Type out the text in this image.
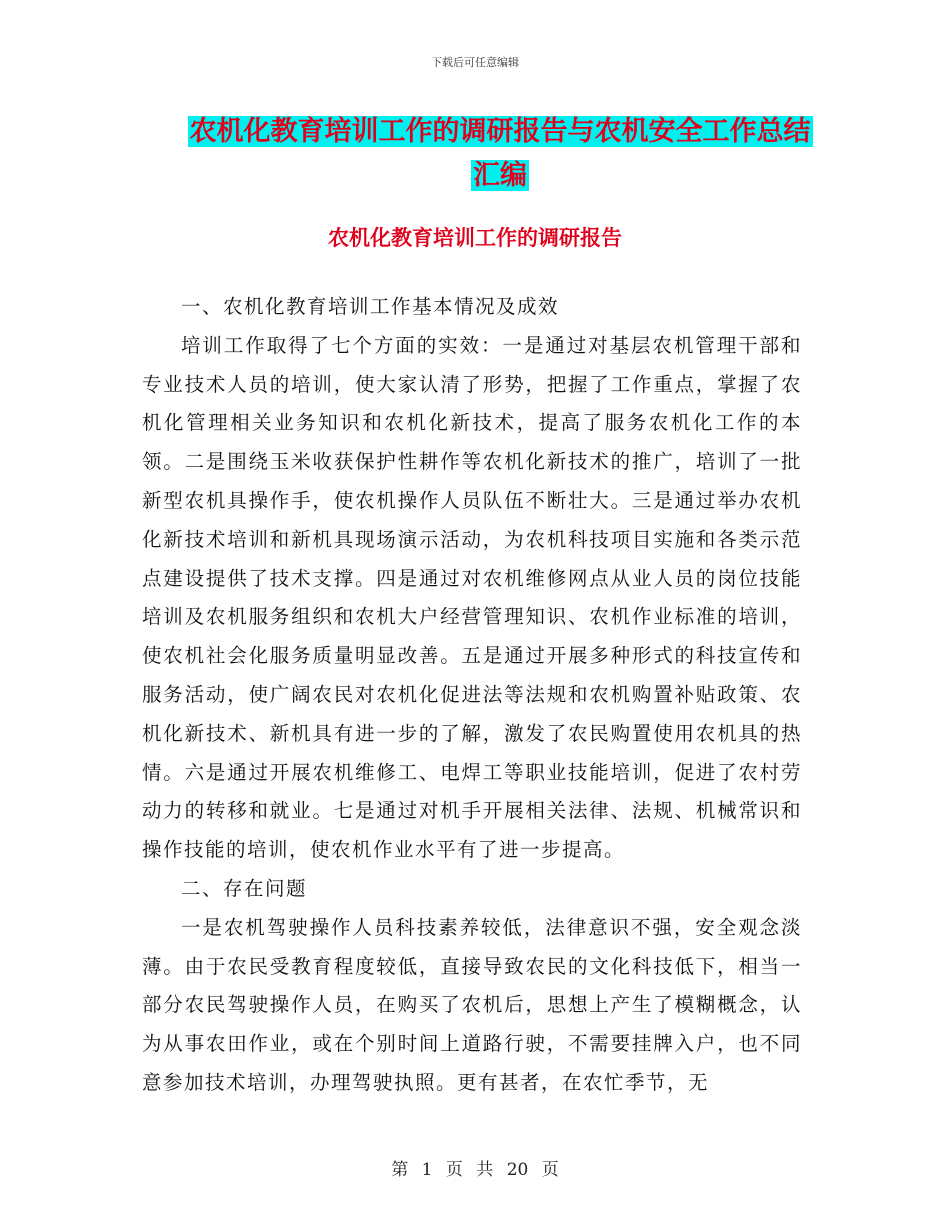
下载后可任意编辑
农机化教育培训工作的调研报告与农机安全工作总结
汇编
农机化教育培训工作的调研报告

一、农机化教育培训工作基本情况及成效

培训工作取得了七个方面的实效：一是通过对基层农机管理干部和专业技术人员的培训，使大家认清了形势，把握了工作重点，掌握了农机化管理相关业务知识和农机化新技术，提高了服务农机化工作的本领。二是围绕玉米收获保护性耕作等农机化新技术的推广，培训了一批新型农机具操作手，使农机操作人员队伍不断壮大。三是通过举办农机化新技术培训和新机具现场演示活动，为农机科技项目实施和各类示范点建设提供了技术支撑。四是通过对农机维修网点从业人员的岗位技能培训及农机服务组织和农机大户经营管理知识、农机作业标准的培训，使农机社会化服务质量明显改善。五是通过开展多种形式的科技宣传和服务活动，使广阔农民对农机化促进法等法规和农机购置补贴政策、农机化新技术、新机具有进一步的了解，激发了农民购置使用农机具的热情。六是通过开展农机维修工、电焊工等职业技能培训，促进了农村劳动力的转移和就业。七是通过对机手开展相关法律、法规、机械常识和操作技能的培训，使农机作业水平有了进一步提高。

二、存在问题

一是农机驾驶操作人员科技素养较低，法律意识不强，安全观念淡薄。由于农民受教育程度较低，直接导致农民的文化科技低下，相当一部分农民驾驶操作人员，在购买了农机后，思想上产生了模糊概念，认为从事农田作业，或在个别时间上道路行驶，不需要挂牌入户，也不同意参加技术培训，办理驾驶执照。更有甚者，在农忙季节，无

第 1 页 共 20 页
